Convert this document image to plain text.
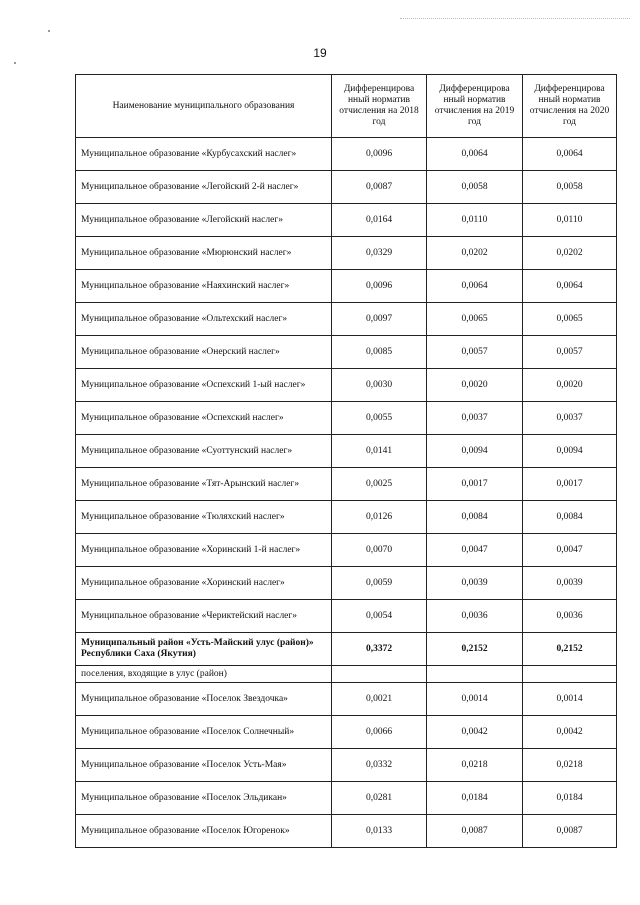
19
Наименование муниципального образования	Дифференцирова нный норматив отчисления на 2018 год	Дифференцирова нный норматив отчисления на 2019 год	Дифференцирова нный норматив отчисления на 2020 год
Муниципальное образование «Курбусахский наслег»	0,0096	0,0064	0,0064
Муниципальное образование «Легойский 2-й наслег»	0,0087	0,0058	0,0058
Муниципальное образование «Легойский наслег»	0,0164	0,0110	0,0110
Муниципальное образование «Мюрюнский наслег»	0,0329	0,0202	0,0202
Муниципальное образование «Наяхинский наслег»	0,0096	0,0064	0,0064
Муниципальное образование «Ольтехский наслег»	0,0097	0,0065	0,0065
Муниципальное образование «Онерский наслег»	0,0085	0,0057	0,0057
Муниципальное образование «Оспехский 1-ый наслег»	0,0030	0,0020	0,0020
Муниципальное образование «Оспехский наслег»	0,0055	0,0037	0,0037
Муниципальное образование «Суоттунский наслег»	0,0141	0,0094	0,0094
Муниципальное образование «Тят-Арынский наслег»	0,0025	0,0017	0,0017
Муниципальное образование «Тюляхский наслег»	0,0126	0,0084	0,0084
Муниципальное образование «Хоринский 1-й наслег»	0,0070	0,0047	0,0047
Муниципальное образование «Хоринский наслег»	0,0059	0,0039	0,0039
Муниципальное образование «Чериктейский наслег»	0,0054	0,0036	0,0036
Муниципальный район «Усть-Майский улус (район)» Республики Саха (Якутия)	0,3372	0,2152	0,2152
поселения, входящие в улус (район)			
Муниципальное образование «Поселок Звездочка»	0,0021	0,0014	0,0014
Муниципальное образование «Поселок Солнечный»	0,0066	0,0042	0,0042
Муниципальное образование «Поселок Усть-Мая»	0,0332	0,0218	0,0218
Муниципальное образование «Поселок Эльдикан»	0,0281	0,0184	0,0184
Муниципальное образование «Поселок Югоренок»	0,0133	0,0087	0,0087
